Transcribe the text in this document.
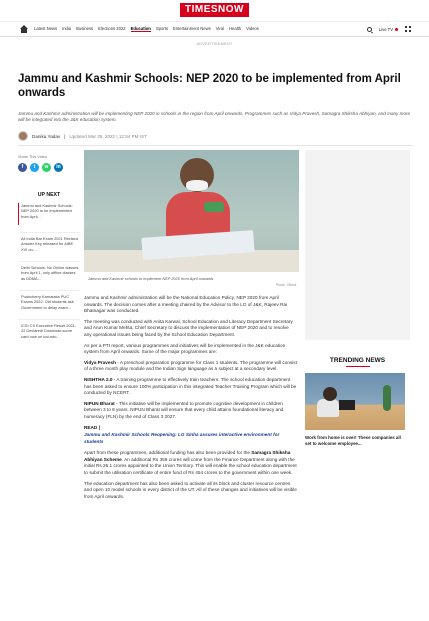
TIMESNOW
Latest News India Business Elections 2022 Education Sports Entertainment News Viral Health Videos	Live TV
ADVERTISEMENT
Jammu and Kashmir Schools: NEP 2020 to be implemented from April onwards

Jammu and Kashmir administration will be implementing NEP 2020 in schools in the region from April onwards. Programmes such as Vidya Pravesh, Samagra Shiksha Abhiyan, and many more will be integrated into the J&K education system.

Danika Yadav | Updated Mar 25, 2022 | 12:54 PM IST
Share This Video
f	t	w	in
UP NEXT
Jammu and Kashmir Schools: NEP 2020 to be implemented from April...
All India Bar Exam 2021 Revised Answer Key released for AIBE XVI on...
Delhi Schools: No Online classes from April 1, only offline classes as DDMA...
Puducherry Karnataka PUC Exams 2022: Old students ask Government to delay exam...
ICSI CS Executive Result 2021-22 Declared! Download score card now on icsi.edu...
Jammu and Kashmir schools to implement NEP 2020 from April onwards
Photo : iStock

Jammu and Kashmir administration will be the National Education Policy, NEP 2020 from April onwards. The decision comes after a meeting chaired by the Advisor to the LG of J&K, Rajeev Rai Bhatnagar was conducted.

The meeting was conducted with Anita Karwal, School Education and Literacy Department Secretary and Arun Kumar Mehta, Chief Secretary to discuss the implementation of NEP 2020 and to resolve any operational issues being faced by the School Education Department.

As per a PTI report, various programmes and initiatives will be implemented in the J&K education system from April onwards. Some of the major programmes are:

Vidya Pravesh - A preschool preparation programme for Class 1 students. The programme will consist of a three month play module and the Indian Sign language as a subject at a secondary level.

NISHTHA 2.0 - A training programme to effectively train teachers. The school education department has been asked to ensure 100% participation in this integrated Teacher Training Program which will be conducted by NCERT.

NIPUN Bharat - This initiative will be implemented to promote cognitive development in children between 3 to 8 years. NIPUN Bharat will ensure that every child attains foundational literacy and numeracy (FLN) by the end of Class 3 2027.

READ |
Jammu and Kashmir Schools Reopening: LG Sinha assures interactive environment for students

Apart from these programmes, additional funding has also been provided for the Samagra Shiksha Abhiyan Scheme. An additional Rs 359 crores will come from the Finance Department along with the initial Rs 26.1 crores appointed to the Union Territory. This will enable the school education department to submit the utilisation certificate of entire fund of Rs 454 crores to the government within one week.

The education department has also been asked to activate all its block and cluster resource centres and open 10 model schools in every district of the UT. All of these changes and initiatives will be visible from April onwards.

TRENDING NEWS
Work from home is over! These companies all set to welcome employee...
